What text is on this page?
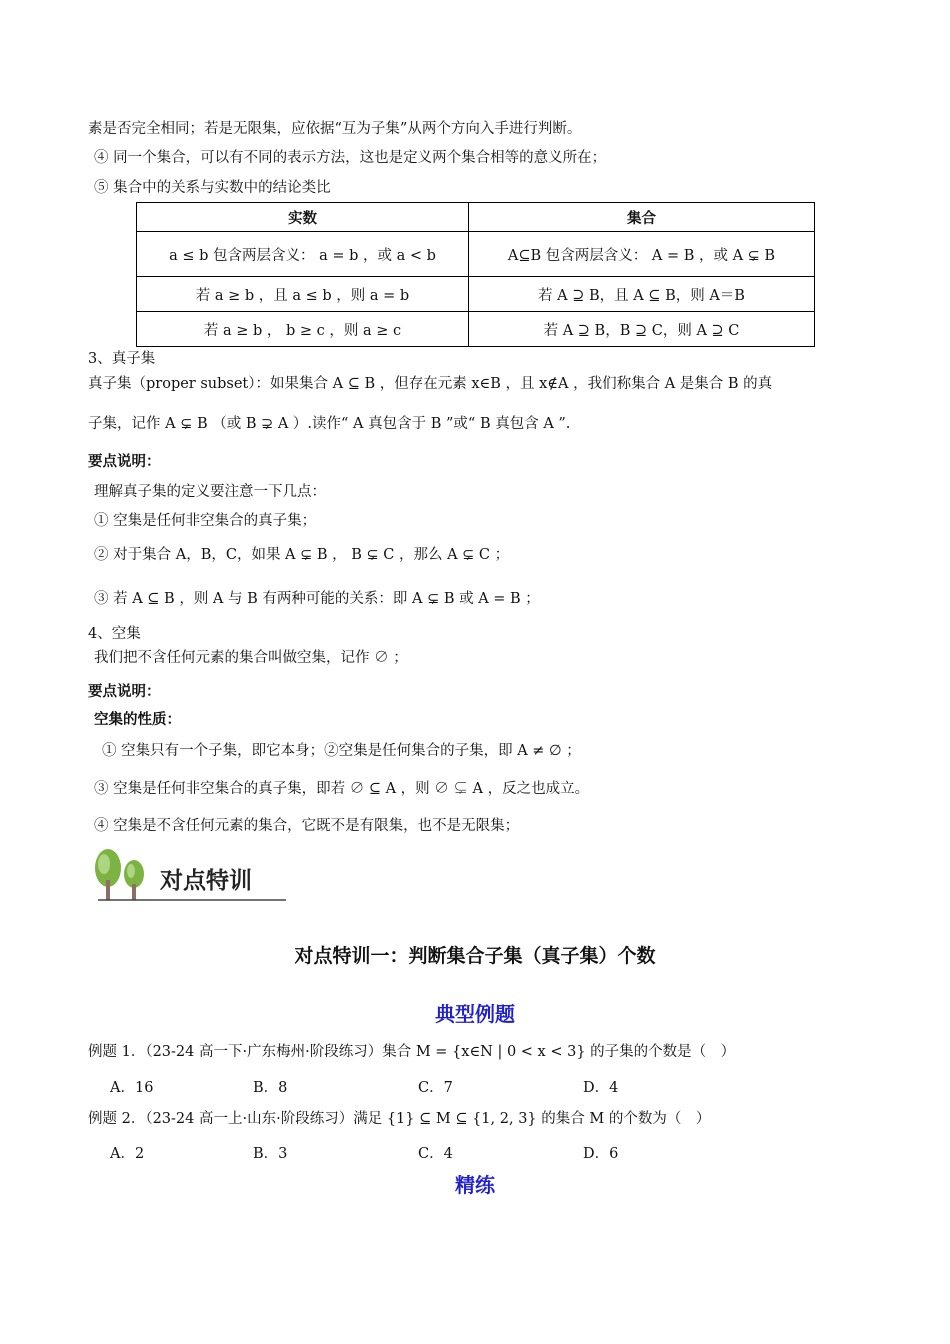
素是否完全相同；若是无限集，应依据“互为子集”从两个方向入手进行判断。
④ 同一个集合，可以有不同的表示方法，这也是定义两个集合相等的意义所在；
⑤ 集合中的关系与实数中的结论类比
实数	集合
a ≤ b 包含两层含义： a = b ，或 a < b	A⊆B 包含两层含义： A = B ，或 A ⊊ B
若 a ≥ b ，且 a ≤ b ，则 a = b	若 A ⊇ B，且 A ⊆ B，则 A＝B
若 a ≥ b ， b ≥ c ，则 a ≥ c	若 A ⊇ B，B ⊇ C，则 A ⊇ C
3、真子集
真子集（proper subset）：如果集合 A ⊆ B ，但存在元素 x∈B ，且 x∉A ，我们称集合 A 是集合 B 的真
子集，记作 A ⊊ B （或 B ⊋ A ）.读作“ A 真包含于 B ”或“ B 真包含 A ”.
要点说明：
理解真子集的定义要注意一下几点：
① 空集是任何非空集合的真子集；
② 对于集合 A，B，C，如果 A ⊊ B ， B ⊊ C ，那么 A ⊊ C ；
③ 若 A ⊆ B ，则 A 与 B 有两种可能的关系：即 A ⊊ B 或 A = B ；
4、空集
我们把不含任何元素的集合叫做空集，记作 ∅ ；
要点说明：
空集的性质：
① 空集只有一个子集，即它本身；②空集是任何集合的子集，即 A ≠ ∅ ；
③ 空集是任何非空集合的真子集，即若 ∅ ⊆ A ，则 ∅ ⊊ A ，反之也成立。
④ 空集是不含任何元素的集合，它既不是有限集，也不是无限集；
对点特训
对点特训一：判断集合子集（真子集）个数
典型例题
例题 1．（23-24 高一下·广东梅州·阶段练习）集合 M = {x∈N | 0 < x < 3} 的子集的个数是（　）
A．16	B．8	C．7	D．4
例题 2．（23-24 高一上·山东·阶段练习）满足 {1} ⊆ M ⊆ {1, 2, 3} 的集合 M 的个数为（　）
A．2	B．3	C．4	D．6
精练
